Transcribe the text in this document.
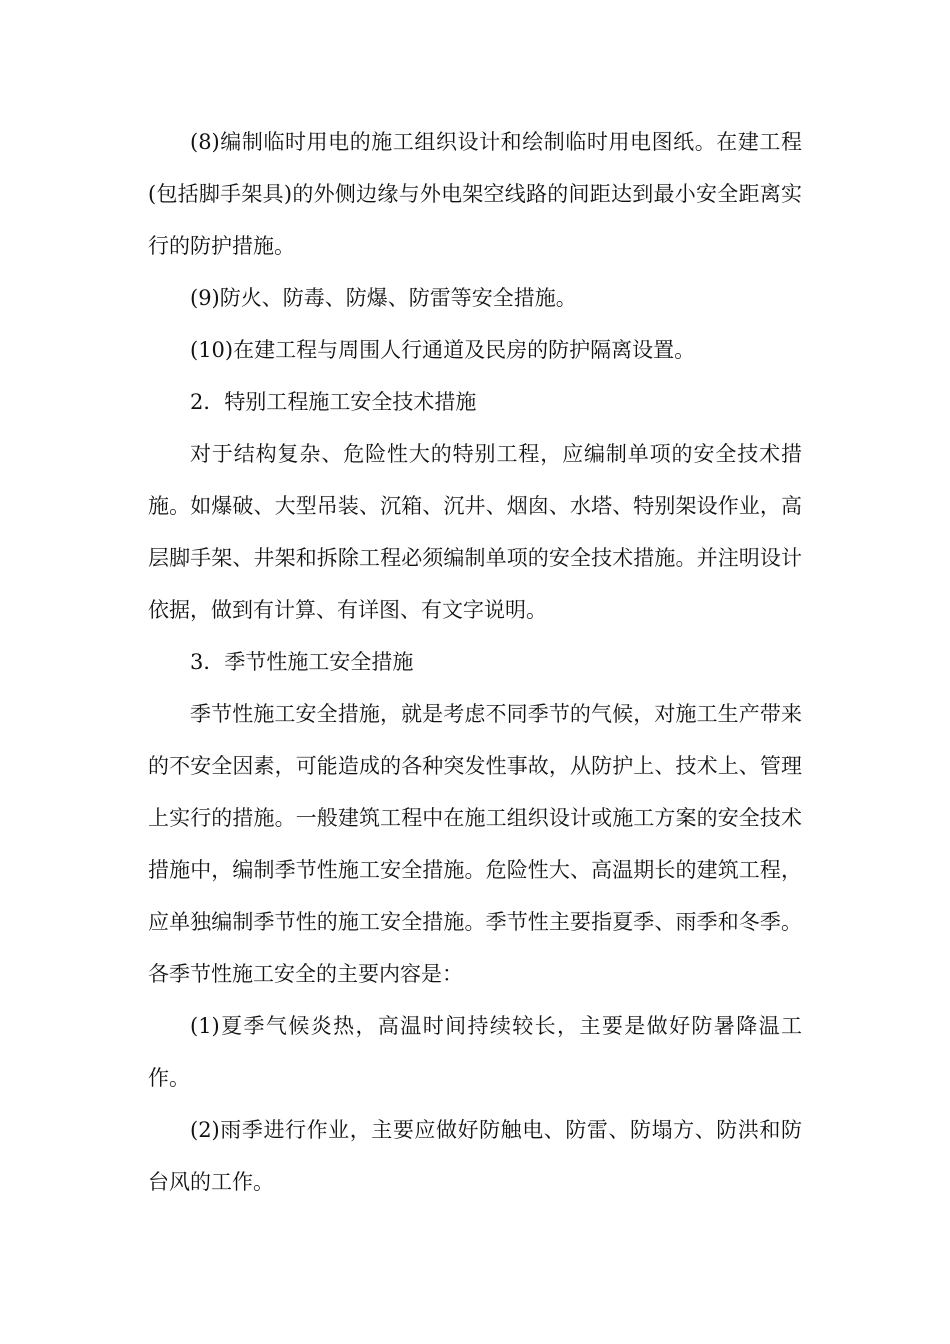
(8)编制临时用电的施工组织设计和绘制临时用电图纸。在建工程(包括脚手架具)的外侧边缘与外电架空线路的间距达到最小安全距离实行的防护措施。

(9)防火、防毒、防爆、防雷等安全措施。

(10)在建工程与周围人行通道及民房的防护隔离设置。

2．特别工程施工安全技术措施

对于结构复杂、危险性大的特别工程，应编制单项的安全技术措施。如爆破、大型吊装、沉箱、沉井、烟囱、水塔、特别架设作业，高层脚手架、井架和拆除工程必须编制单项的安全技术措施。并注明设计依据，做到有计算、有详图、有文字说明。

3．季节性施工安全措施

季节性施工安全措施，就是考虑不同季节的气候，对施工生产带来的不安全因素，可能造成的各种突发性事故，从防护上、技术上、管理上实行的措施。一般建筑工程中在施工组织设计或施工方案的安全技术措施中，编制季节性施工安全措施。危险性大、高温期长的建筑工程，应单独编制季节性的施工安全措施。季节性主要指夏季、雨季和冬季。各季节性施工安全的主要内容是：

(1)夏季气候炎热，高温时间持续较长，主要是做好防暑降温工作。

(2)雨季进行作业，主要应做好防触电、防雷、防塌方、防洪和防台风的工作。
